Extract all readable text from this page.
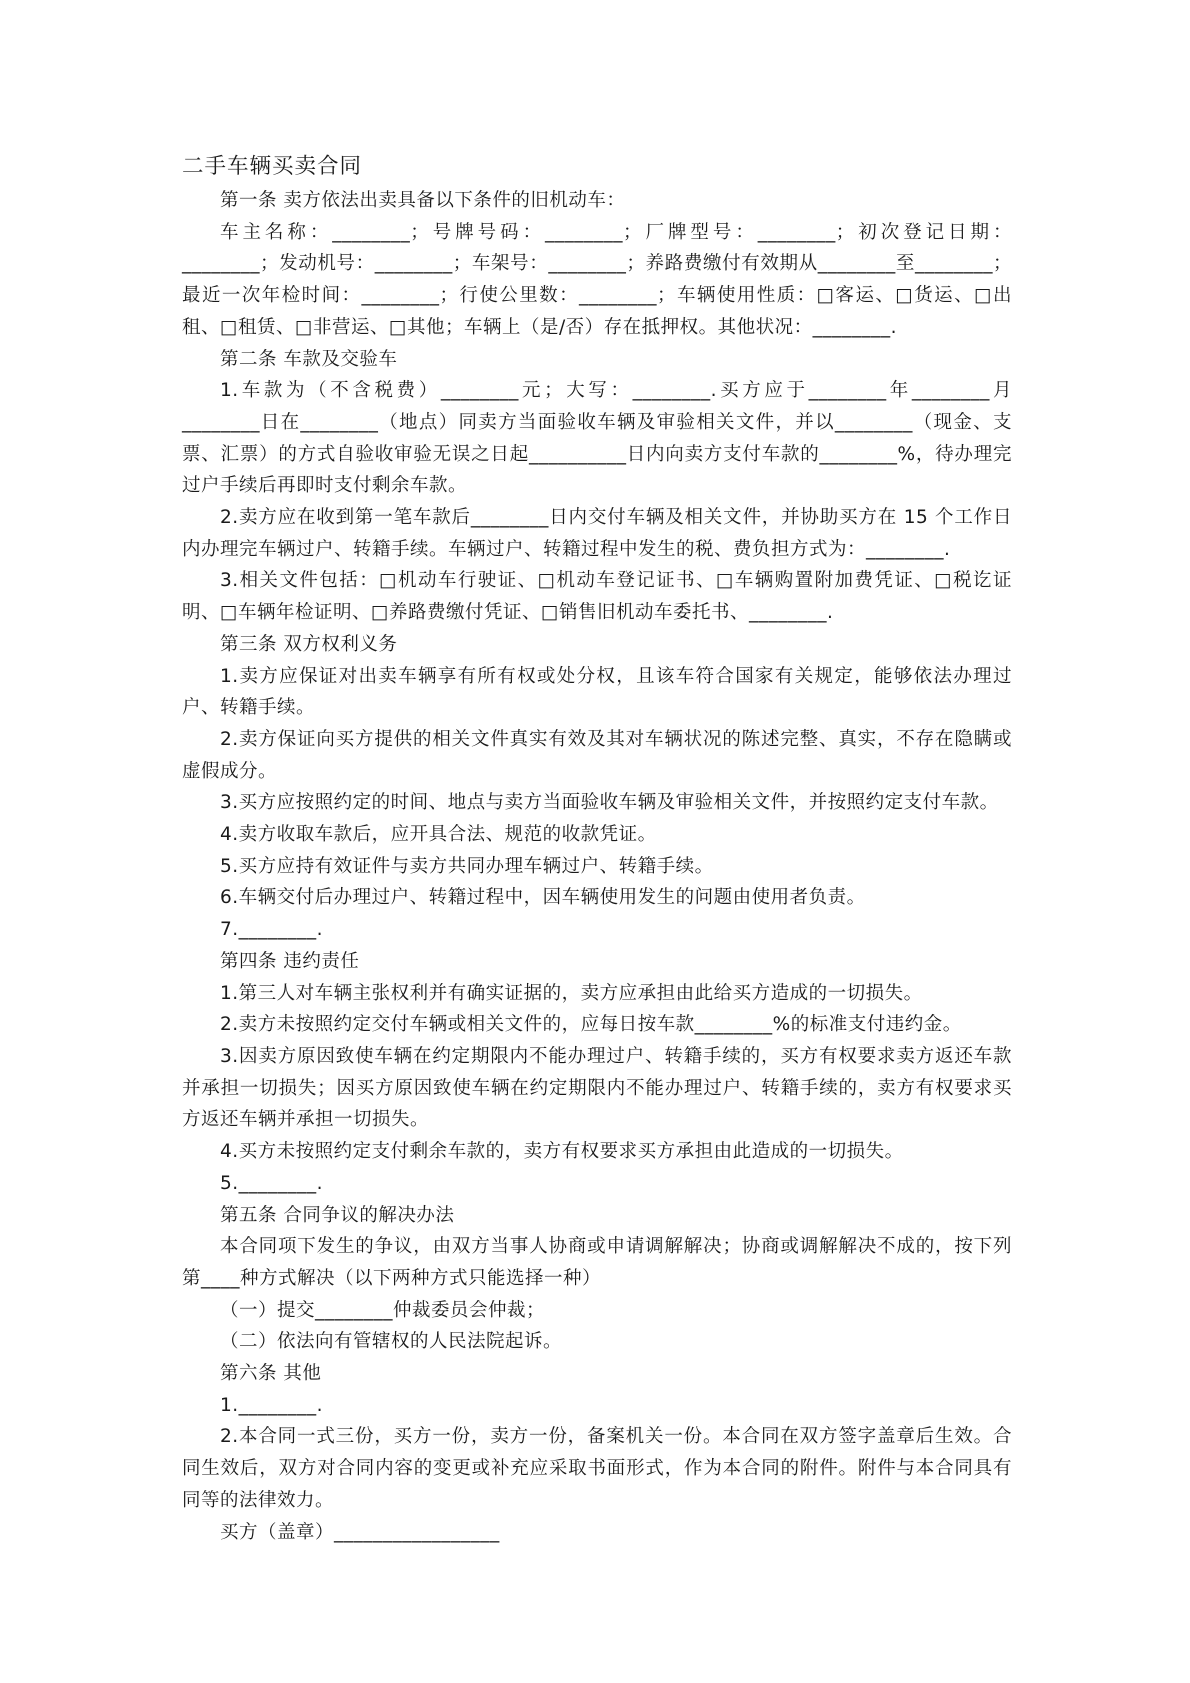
二手车辆买卖合同
第一条 卖方依法出卖具备以下条件的旧机动车：
车主名称：________；号牌号码：________；厂牌型号：________；初次登记日期：________；发动机号：________；车架号：________；养路费缴付有效期从________至________；最近一次年检时间：________；行使公里数：________；车辆使用性质：□客运、□货运、□出租、□租赁、□非营运、□其他；车辆上（是/否）存在抵押权。其他状况：________.
第二条 车款及交验车
1.车款为（不含税费）________元；大写：________.买方应于________年________月________日在________（地点）同卖方当面验收车辆及审验相关文件，并以________（现金、支票、汇票）的方式自验收审验无误之日起__________日内向卖方支付车款的________%，待办理完过户手续后再即时支付剩余车款。
2.卖方应在收到第一笔车款后________日内交付车辆及相关文件，并协助买方在 15 个工作日内办理完车辆过户、转籍手续。车辆过户、转籍过程中发生的税、费负担方式为：________.
3.相关文件包括：□机动车行驶证、□机动车登记证书、□车辆购置附加费凭证、□税讫证明、□车辆年检证明、□养路费缴付凭证、□销售旧机动车委托书、________.
第三条 双方权利义务
1.卖方应保证对出卖车辆享有所有权或处分权，且该车符合国家有关规定，能够依法办理过户、转籍手续。
2.卖方保证向买方提供的相关文件真实有效及其对车辆状况的陈述完整、真实，不存在隐瞒或虚假成分。
3.买方应按照约定的时间、地点与卖方当面验收车辆及审验相关文件，并按照约定支付车款。
4.卖方收取车款后，应开具合法、规范的收款凭证。
5.买方应持有效证件与卖方共同办理车辆过户、转籍手续。
6.车辆交付后办理过户、转籍过程中，因车辆使用发生的问题由使用者负责。
7.________.
第四条 违约责任
1.第三人对车辆主张权利并有确实证据的，卖方应承担由此给买方造成的一切损失。
2.卖方未按照约定交付车辆或相关文件的，应每日按车款________%的标准支付违约金。
3.因卖方原因致使车辆在约定期限内不能办理过户、转籍手续的，买方有权要求卖方返还车款并承担一切损失；因买方原因致使车辆在约定期限内不能办理过户、转籍手续的，卖方有权要求买方返还车辆并承担一切损失。
4.买方未按照约定支付剩余车款的，卖方有权要求买方承担由此造成的一切损失。
5.________.
第五条 合同争议的解决办法
本合同项下发生的争议，由双方当事人协商或申请调解解决；协商或调解解决不成的，按下列第____种方式解决（以下两种方式只能选择一种）
（一）提交________仲裁委员会仲裁；
（二）依法向有管辖权的人民法院起诉。
第六条 其他
1.________.
2.本合同一式三份，买方一份，卖方一份，备案机关一份。本合同在双方签字盖章后生效。合同生效后，双方对合同内容的变更或补充应采取书面形式，作为本合同的附件。附件与本合同具有同等的法律效力。
买方（盖章）_________________
